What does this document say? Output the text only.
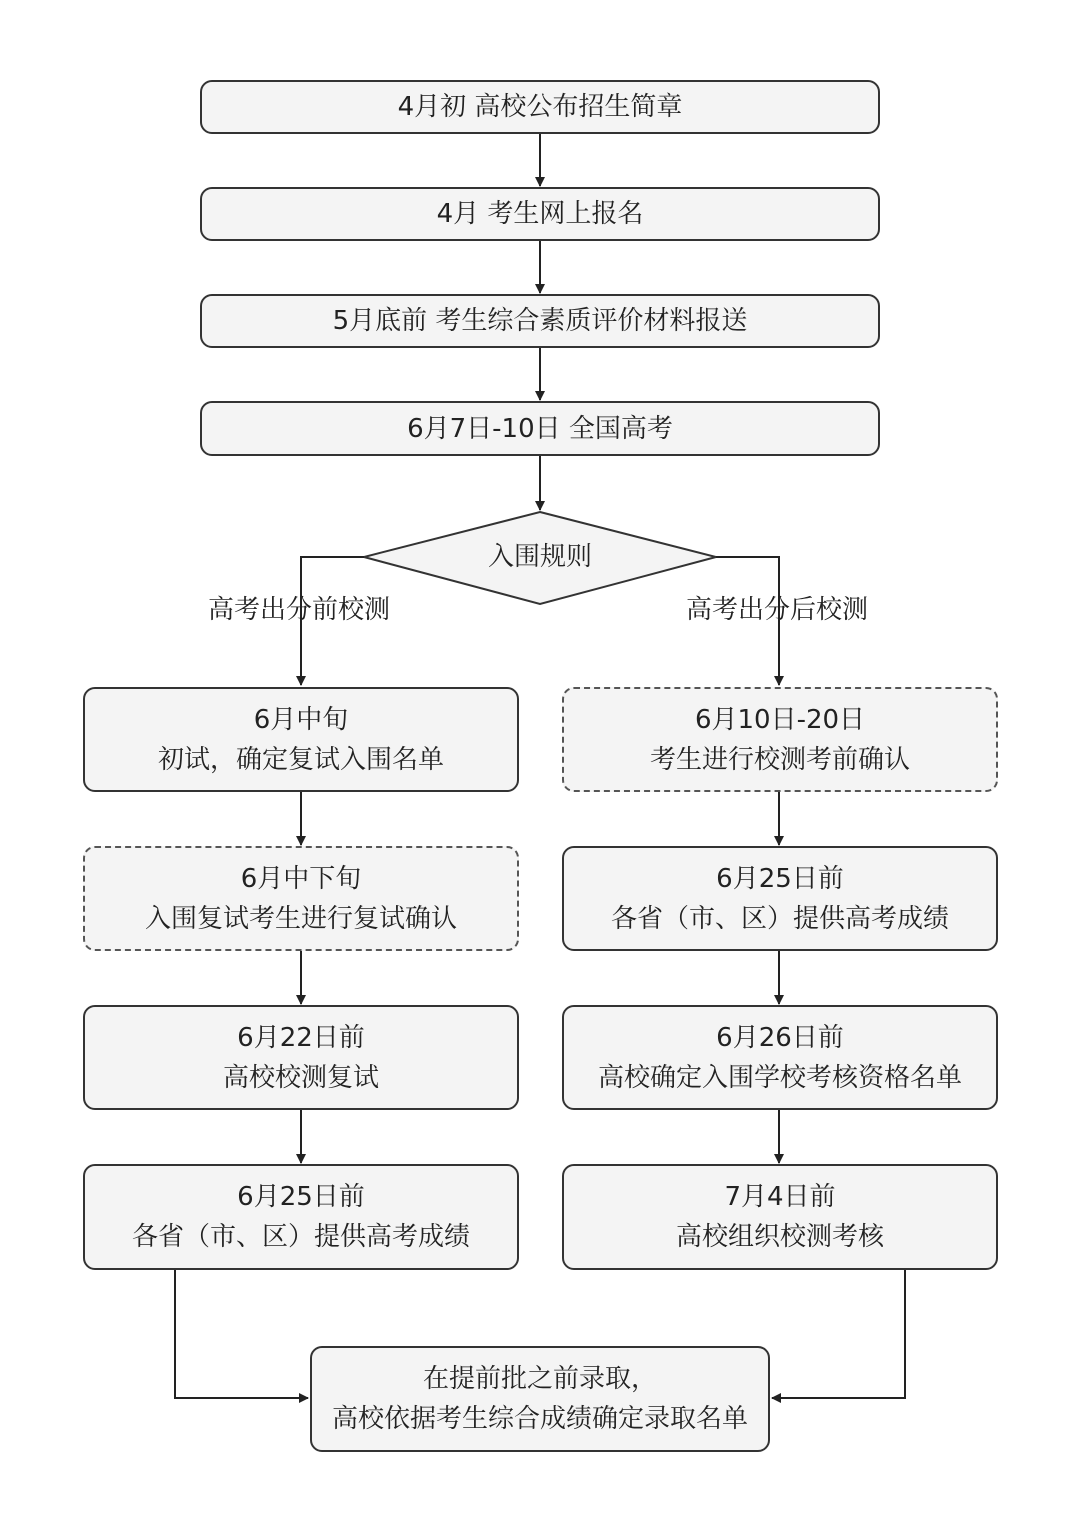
4月初 高校公布招生简章
4月 考生网上报名
5月底前 考生综合素质评价材料报送
6月7日-10日 全国高考
入围规则
高考出分前校测	高考出分后校测
6月中旬
初试，确定复试入围名单
6月中下旬
入围复试考生进行复试确认
6月22日前
高校校测复试
6月25日前
各省（市、区）提供高考成绩
6月10日-20日
考生进行校测考前确认
6月25日前
各省（市、区）提供高考成绩
6月26日前
高校确定入围学校考核资格名单
7月4日前
高校组织校测考核
在提前批之前录取，
高校依据考生综合成绩确定录取名单
